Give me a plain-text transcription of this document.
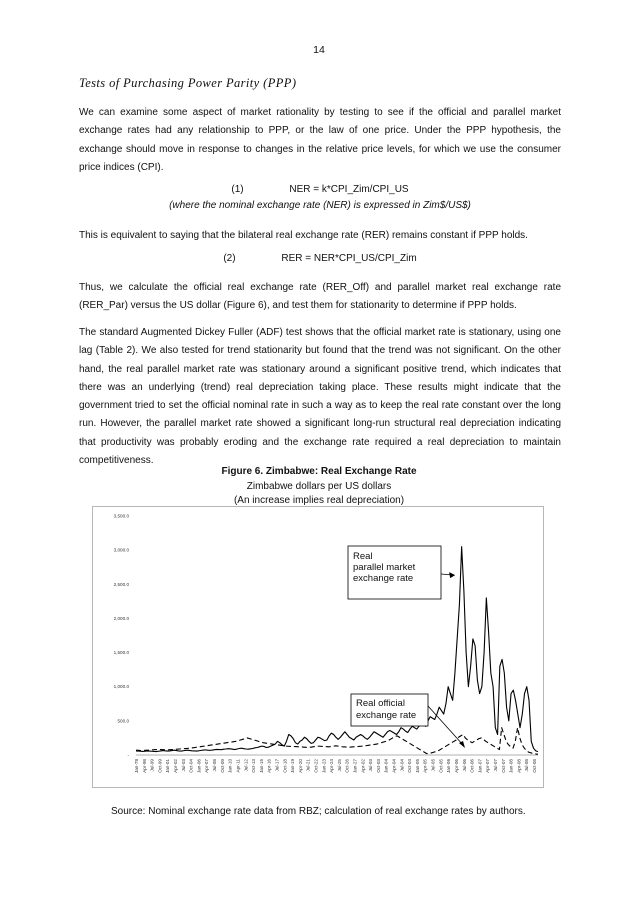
14
Tests of Purchasing Power Parity (PPP)
We can examine some aspect of market rationality by testing to see if the official and parallel market exchange rates had any relationship to PPP, or the law of one price. Under the PPP hypothesis, the exchange should move in response to changes in the relative price levels, for which we use the consumer price indices (CPI).
(1)	NER = k*CPI_Zim/CPI_US
(where the nominal exchange rate (NER) is expressed in Zim$/US$)
This is equivalent to saying that the bilateral real exchange rate (RER) remains constant if PPP holds.
(2)	RER = NER*CPI_US/CPI_Zim
Thus, we calculate the official real exchange rate (RER_Off) and parallel market real exchange rate (RER_Par) versus the US dollar (Figure 6), and test them for stationarity to determine if PPP holds.
The standard Augmented Dickey Fuller (ADF) test shows that the official market rate is stationary, using one lag (Table 2). We also tested for trend stationarity but found that the trend was not significant. On the other hand, the real parallel market rate was stationary around a significant positive trend, which indicates that there was an underlying (trend) real depreciation taking place. These results might indicate that the government tried to set the official nominal rate in such a way as to keep the real rate constant over the long run. However, the parallel market rate showed a significant long-run structural real depreciation indicating that productivity was probably eroding and the exchange rate required a real depreciation to maintain competitiveness.
Figure 6. Zimbabwe: Real Exchange Rate
Zimbabwe dollars per US dollars
(An increase implies real depreciation)
3,500.0
3,000.0
2,500.0
2,000.0
1,500.0
1,000.0
500.0
-
Jan-78 Apr-98 Jul-99 Oct-99 Jan-01 Apr-02 Jul-03 Oct-04 Jan-06 Apr-07 Jul-08 Oct-09 Jan-10 Apr-11 Jul-12 Oct-13 Jan-15 Apr-16 Jul-17 Oct-18 Jan-19 Apr-20 Jul-21 Oct-22 Jan-23 Apr-24 Jul-25 Oct-26 Jan-27 Apr-02 Jul-03 Oct-03 Jan-04 Apr-04 Jul-04 Oct-04 Jan-05 Apr-05 Jul-05 Oct-05 Jan-06 Apr-06 Jul-06 Oct-06 Jan-07 Apr-07 Jul-07 Oct-07 Jan-08 Apr-08 Jul-08 Oct-08
Real
parallel market
exchange rate
Real official
exchange rate
Source: Nominal exchange rate data from RBZ; calculation of real exchange rates by authors.
